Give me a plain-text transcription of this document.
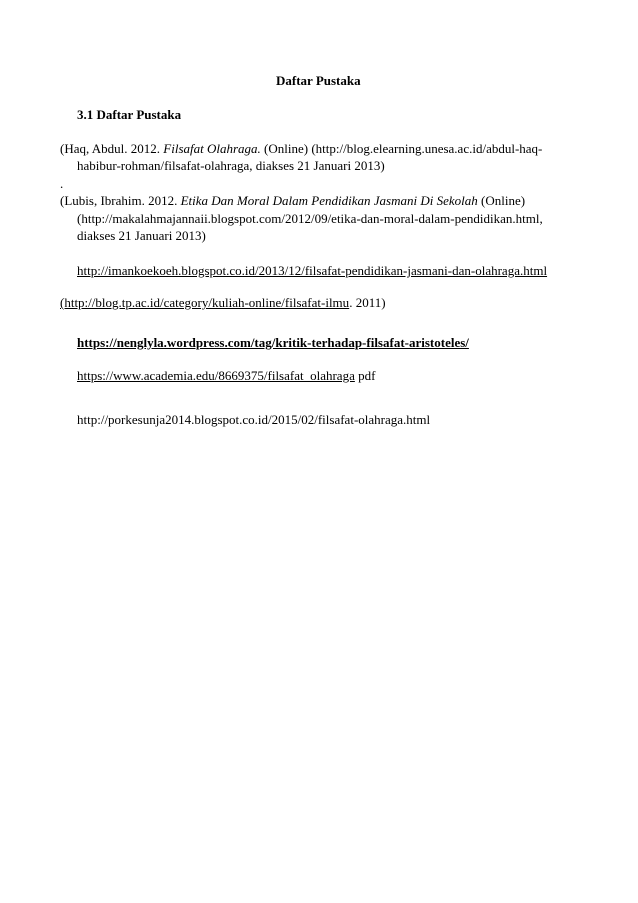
Daftar Pustaka
3.1 Daftar Pustaka
(Haq, Abdul. 2012. Filsafat Olahraga. (Online) (http://blog.elearning.unesa.ac.id/abdul-haq-
habibur-rohman/filsafat-olahraga, diakses 21 Januari 2013)
.
(Lubis, Ibrahim. 2012. Etika Dan Moral Dalam Pendidikan Jasmani Di Sekolah (Online)
(http://makalahmajannaii.blogspot.com/2012/09/etika-dan-moral-dalam-pendidikan.html,
diakses 21 Januari 2013)
http://imankoekoeh.blogspot.co.id/2013/12/filsafat-pendidikan-jasmani-dan-olahraga.html
(http://blog.tp.ac.id/category/kuliah-online/filsafat-ilmu. 2011)
https://nenglyla.wordpress.com/tag/kritik-terhadap-filsafat-aristoteles/
https://www.academia.edu/8669375/filsafat_olahraga pdf
http://porkesunja2014.blogspot.co.id/2015/02/filsafat-olahraga.html
